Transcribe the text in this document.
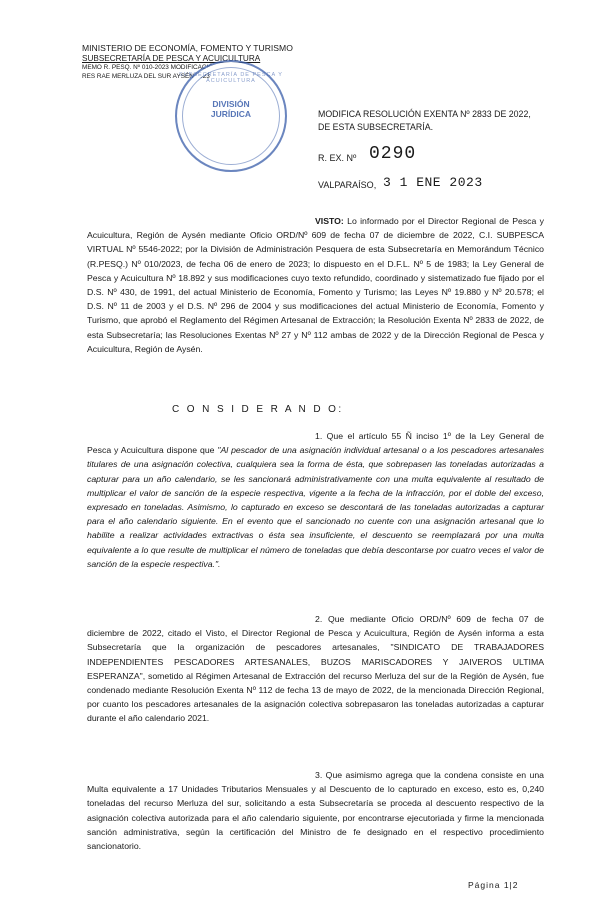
MINISTERIO DE ECONOMÍA, FOMENTO Y TURISMO
SUBSECRETARÍA DE PESCA Y ACUICULTURA
MEMO R. PESQ. Nº 010-2023 MODIFICACIÓN
RES RAE MERLUZA DEL SUR AYSÉN 2023
SUBSECRETARÍA DE PESCA Y ACUICULTURA
DIVISIÓN
JURÍDICA	MODIFICA RESOLUCIÓN EXENTA Nº 2833 DE 2022,
DE ESTA SUBSECRETARÍA.
R. EX. Nº 0290
VALPARAÍSO, 3 1 ENE 2023
VISTO: Lo informado por el Director Regional de Pesca y Acuicultura, Región de Aysén mediante Oficio ORD/Nº 609 de fecha 07 de diciembre de 2022, C.I. SUBPESCA VIRTUAL Nº 5546-2022; por la División de Administración Pesquera de esta Subsecretaría en Memorándum Técnico (R.PESQ.) Nº 010/2023, de fecha 06 de enero de 2023; lo dispuesto en el D.F.L. Nº 5 de 1983; la Ley General de Pesca y Acuicultura Nº 18.892 y sus modificaciones cuyo texto refundido, coordinado y sistematizado fue fijado por el D.S. Nº 430, de 1991, del actual Ministerio de Economía, Fomento y Turismo; las Leyes Nº 19.880 y Nº 20.578; el D.S. Nº 11 de 2003 y el D.S. Nº 296 de 2004 y sus modificaciones del actual Ministerio de Economía, Fomento y Turismo, que aprobó el Reglamento del Régimen Artesanal de Extracción; la Resolución Exenta Nº 2833 de 2022, de esta Subsecretaría; las Resoluciones Exentas Nº 27 y Nº 112 ambas de 2022 y de la Dirección Regional de Pesca y Acuicultura, Región de Aysén.
C O N S I D E R A N D O:
1. Que el artículo 55 Ñ inciso 1º de la Ley General de Pesca y Acuicultura dispone que "Al pescador de una asignación individual artesanal o a los pescadores artesanales titulares de una asignación colectiva, cualquiera sea la forma de ésta, que sobrepasen las toneladas autorizadas a capturar para un año calendario, se les sancionará administrativamente con una multa equivalente al resultado de multiplicar el valor de sanción de la especie respectiva, vigente a la fecha de la infracción, por el doble del exceso, expresado en toneladas. Asimismo, lo capturado en exceso se descontará de las toneladas autorizadas a capturar para el año calendario siguiente. En el evento que el sancionado no cuente con una asignación artesanal que lo habilite a realizar actividades extractivas o ésta sea insuficiente, el descuento se reemplazará por una multa equivalente a lo que resulte de multiplicar el número de toneladas que debía descontarse por cuatro veces el valor de sanción de la especie respectiva.".
2. Que mediante Oficio ORD/Nº 609 de fecha 07 de diciembre de 2022, citado el Visto, el Director Regional de Pesca y Acuicultura, Región de Aysén informa a esta Subsecretaría que la organización de pescadores artesanales, "SINDICATO DE TRABAJADORES INDEPENDIENTES PESCADORES ARTESANALES, BUZOS MARISCADORES Y JAIVEROS ULTIMA ESPERANZA", sometido al Régimen Artesanal de Extracción del recurso Merluza del sur de la Región de Aysén, fue condenado mediante Resolución Exenta Nº 112 de fecha 13 de mayo de 2022, de la mencionada Dirección Regional, por cuanto los pescadores artesanales de la asignación colectiva sobrepasaron las toneladas autorizadas a capturar durante el año calendario 2021.
3. Que asimismo agrega que la condena consiste en una Multa equivalente a 17 Unidades Tributarios Mensuales y al Descuento de lo capturado en exceso, esto es, 0,240 toneladas del recurso Merluza del sur, solicitando a esta Subsecretaría se proceda al descuento respectivo de la asignación colectiva autorizada para el año calendario siguiente, por encontrarse ejecutoriada y firme la mencionada sanción administrativa, según la certificación del Ministro de fe designado en el respectivo procedimiento sancionatorio.
Página 1|2
